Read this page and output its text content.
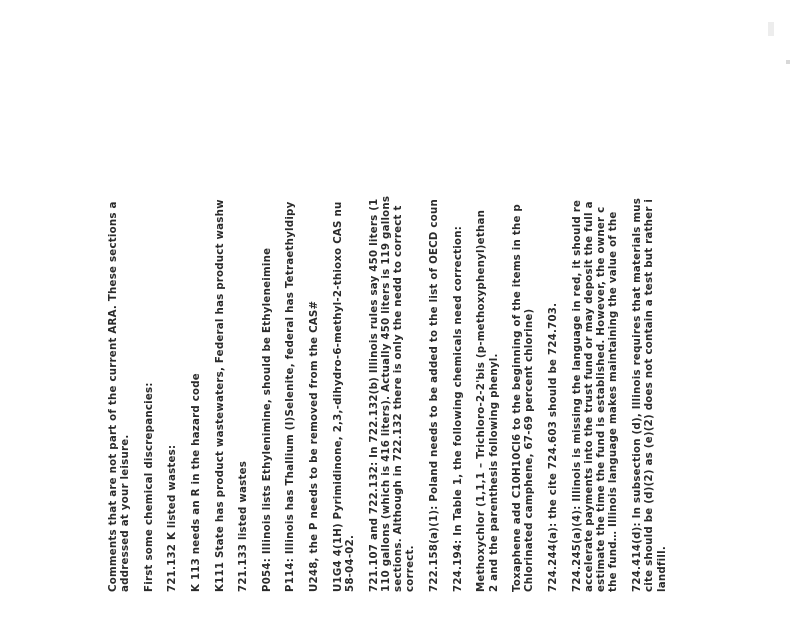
Comments that are not part of the current ARA. These sections a addressed at your leisure. First some chemical discrepancies: 721.132 K listed wastes: K 113 needs an R in the hazard code K111 State has product wastewaters, Federal has product washw 721.133 listed wastes P054: Illinois lists Ethylenimine, should be Ethyleneimine P114: Illinois has Thallium (I)Selenite, federal has Tetraethyldipy U248, the P needs to be removed from the CAS# U1G4 4(1H) Pyrimidinone, 2,3,-dihydro-6-methyl-2-thioxo CAS nu 58-04-02. 721.107 and 722.132: In 722.132(b) Illinois rules say 450 liters (1 110 gallons (which is 416 liters). Actually 450 liters is 119 gallons sections. Although in 722.132 there is only the nedd to correct t correct. 722.158(a)(1): Poland needs to be added to the list of OECD coun 724.194: In Table 1, the following chemicals need correction: Methoxychlor (1,1,1 – Trichloro-2-2'bis (p-methoxyphenyl)ethan 2 and the parenthesis following phenyl. Toxaphene add C10H10Cl6 to the beginning of the items in the p Chlorinated camphene, 67-69 percent chlorine) 724.244(a): the cite 724.603 should be 724.703. 724.245(a)(4): Illinois is missing the language in red, it should re accelerate payments into the trust fund or may deposit the full a estimate the time the fund is established. However, the owner c the fund… Illinois language makes maintaining the value of the 724.414(d): In subsection (d), Illinois requires that materials mus cite should be (d)(2) as (e)(2) does not contain a test but rather i landfill.
